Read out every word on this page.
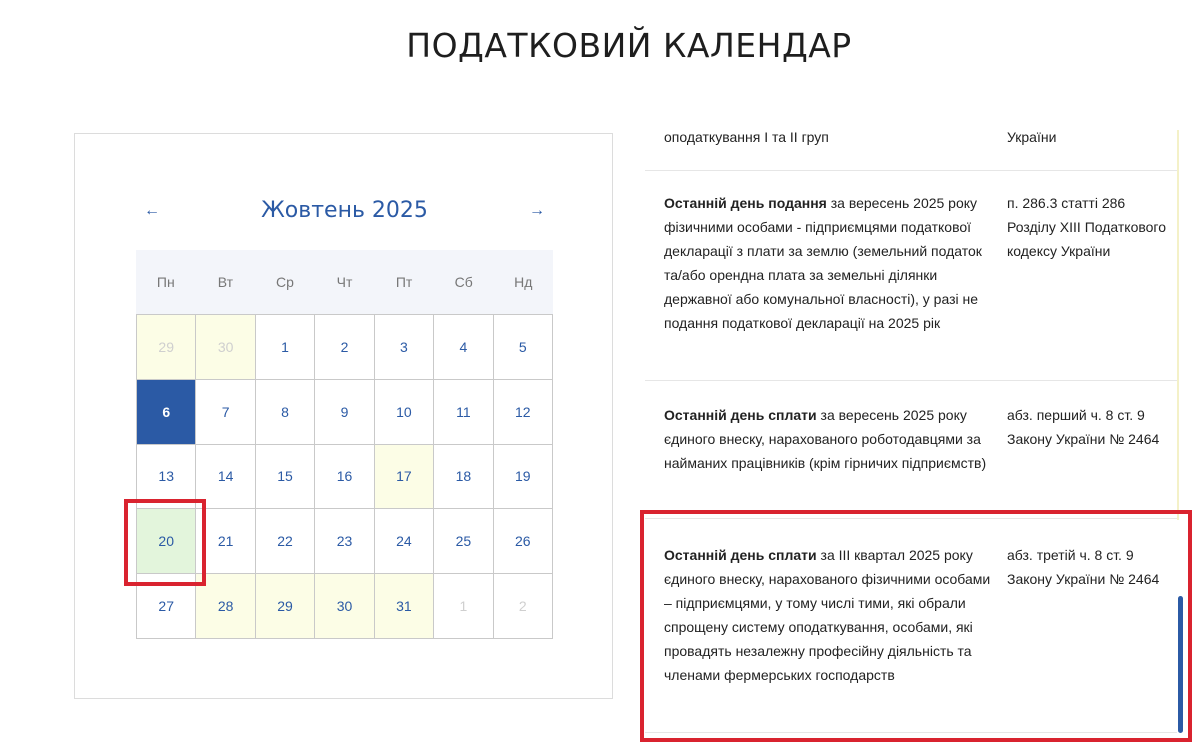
ПОДАТКОВИЙ КАЛЕНДАР
←	Жовтень 2025	→
Пн	Вт	Ср	Чт	Пт	Сб	Нд
29	30	1	2	3	4	5
6	7	8	9	10	11	12
13	14	15	16	17	18	19
20	21	22	23	24	25	26
27	28	29	30	31	1	2
оподаткування I та II груп	України
Останній день подання за вересень 2025 року фізичними особами - підприємцями податкової декларації з плати за землю (земельний податок та/або орендна плата за земельні ділянки державної або комунальної власності), у разі не подання податкової декларації на 2025 рік
п. 286.3 статті 286 Розділу XIII Податкового кодексу України
Останній день сплати за вересень 2025 року єдиного внеску, нарахованого роботодавцями за найманих працівників (крім гірничих підприємств)
абз. перший ч. 8 ст. 9 Закону України № 2464
Останній день сплати за III квартал 2025 року єдиного внеску, нарахованого фізичними особами – підприємцями, у тому числі тими, які обрали спрощену систему оподаткування, особами, які провадять незалежну професійну діяльність та членами фермерських господарств
абз. третій ч. 8 ст. 9 Закону України № 2464
